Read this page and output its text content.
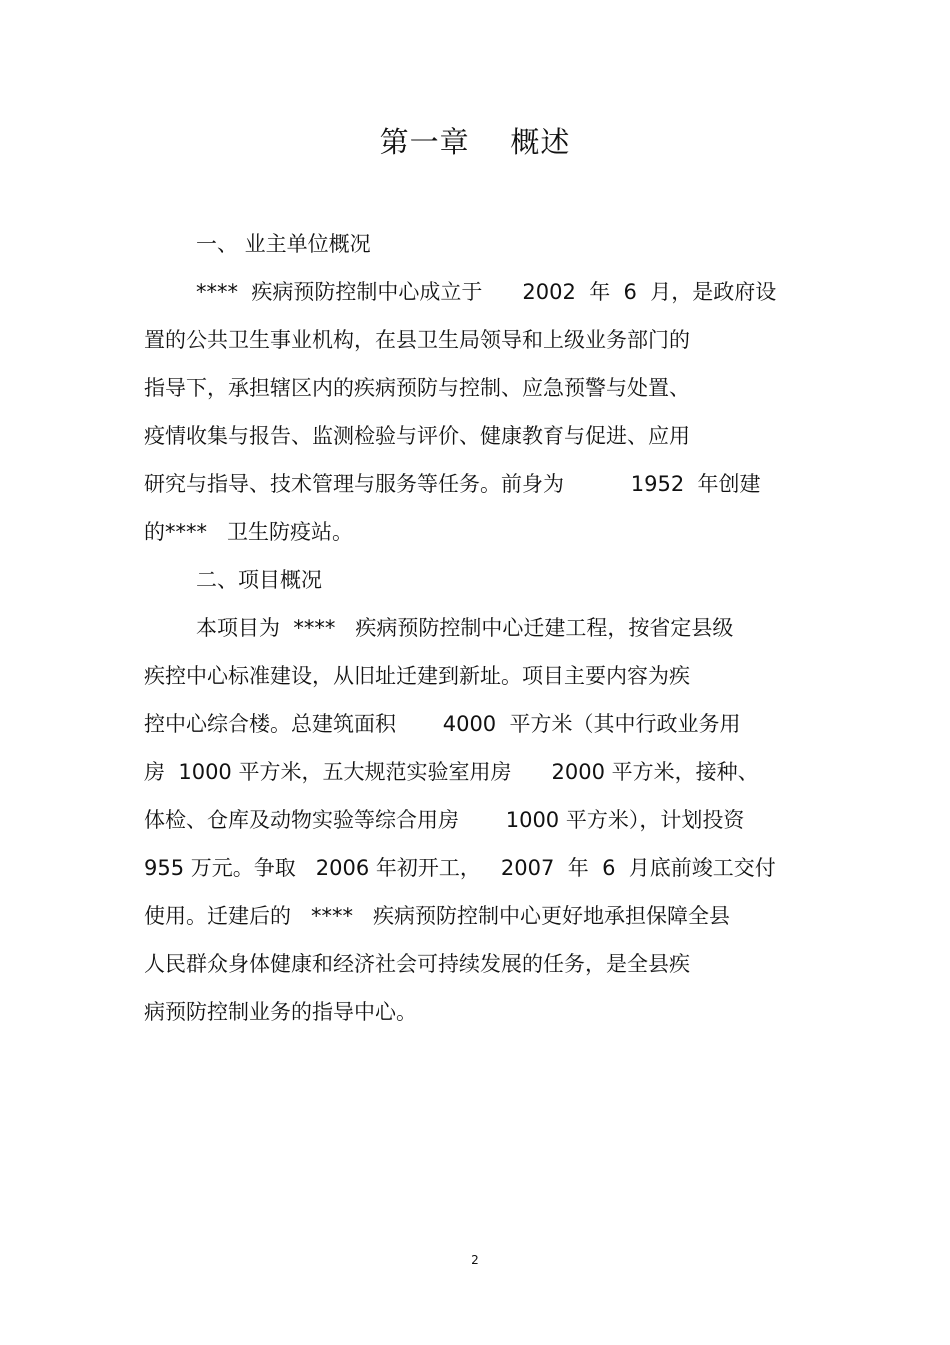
第一章    概述
一、 业主单位概况
****  疾病预防控制中心成立于      2002  年  6  月，是政府设
置的公共卫生事业机构，在县卫生局领导和上级业务部门的
指导下，承担辖区内的疾病预防与控制、应急预警与处置、
疫情收集与报告、监测检验与评价、健康教育与促进、应用
研究与指导、技术管理与服务等任务。前身为          1952  年创建
的****   卫生防疫站。
二、项目概况
本项目为  ****   疾病预防控制中心迁建工程，按省定县级
疾控中心标准建设，从旧址迁建到新址。项目主要内容为疾
控中心综合楼。总建筑面积       4000  平方米（其中行政业务用
房  1000 平方米，五大规范实验室用房      2000 平方米，接种、
体检、仓库及动物实验等综合用房       1000 平方米），计划投资
955 万元。争取   2006 年初开工，   2007  年  6  月底前竣工交付
使用。迁建后的   ****   疾病预防控制中心更好地承担保障全县
人民群众身体健康和经济社会可持续发展的任务，是全县疾
病预防控制业务的指导中心。
2
